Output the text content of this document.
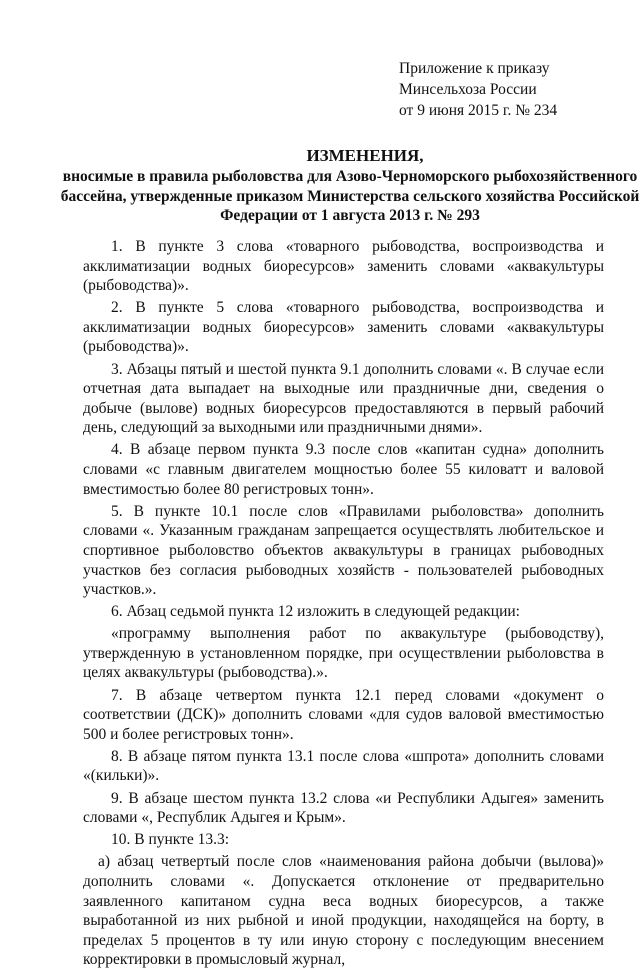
Приложение к приказу
Минсельхоза России
от 9 июня 2015 г. № 234
ИЗМЕНЕНИЯ,
вносимые в правила рыболовства для Азово-Черноморского рыбохозяйственного бассейна, утвержденные приказом Министерства сельского хозяйства Российской Федерации от 1 августа 2013 г. № 293

1. В пункте 3 слова «товарного рыбоводства, воспроизводства и акклиматизации водных биоресурсов» заменить словами «аквакультуры (рыбоводства)».

2. В пункте 5 слова «товарного рыбоводства, воспроизводства и акклиматизации водных биоресурсов» заменить словами «аквакультуры (рыбоводства)».

3. Абзацы пятый и шестой пункта 9.1 дополнить словами «. В случае если отчетная дата выпадает на выходные или праздничные дни, сведения о добыче (вылове) водных биоресурсов предоставляются в первый рабочий день, следующий за выходными или праздничными днями».

4. В абзаце первом пункта 9.3 после слов «капитан судна» дополнить словами «с главным двигателем мощностью более 55 киловатт и валовой вместимостью более 80 регистровых тонн».

5. В пункте 10.1 после слов «Правилами рыболовства» дополнить словами «. Указанным гражданам запрещается осуществлять любительское и спортивное рыболовство объектов аквакультуры в границах рыбоводных участков без согласия рыбоводных хозяйств - пользователей рыбоводных участков.».

6. Абзац седьмой пункта 12 изложить в следующей редакции:

«программу выполнения работ по аквакультуре (рыбоводству), утвержденную в установленном порядке, при осуществлении рыболовства в целях аквакультуры (рыбоводства).».

7. В абзаце четвертом пункта 12.1 перед словами «документ о соответствии (ДСК)» дополнить словами «для судов валовой вместимостью 500 и более регистровых тонн».

8. В абзаце пятом пункта 13.1 после слова «шпрота» дополнить словами «(кильки)».

9. В абзаце шестом пункта 13.2 слова «и Республики Адыгея» заменить словами «, Республик Адыгея и Крым».

10. В пункте 13.3:

а) абзац четвертый после слов «наименования района добычи (вылова)» дополнить словами «. Допускается отклонение от предварительно заявленного капитаном судна веса водных биоресурсов, а также выработанной из них рыбной и иной продукции, находящейся на борту, в пределах 5 процентов в ту или иную сторону с последующим внесением корректировки в промысловый журнал,
